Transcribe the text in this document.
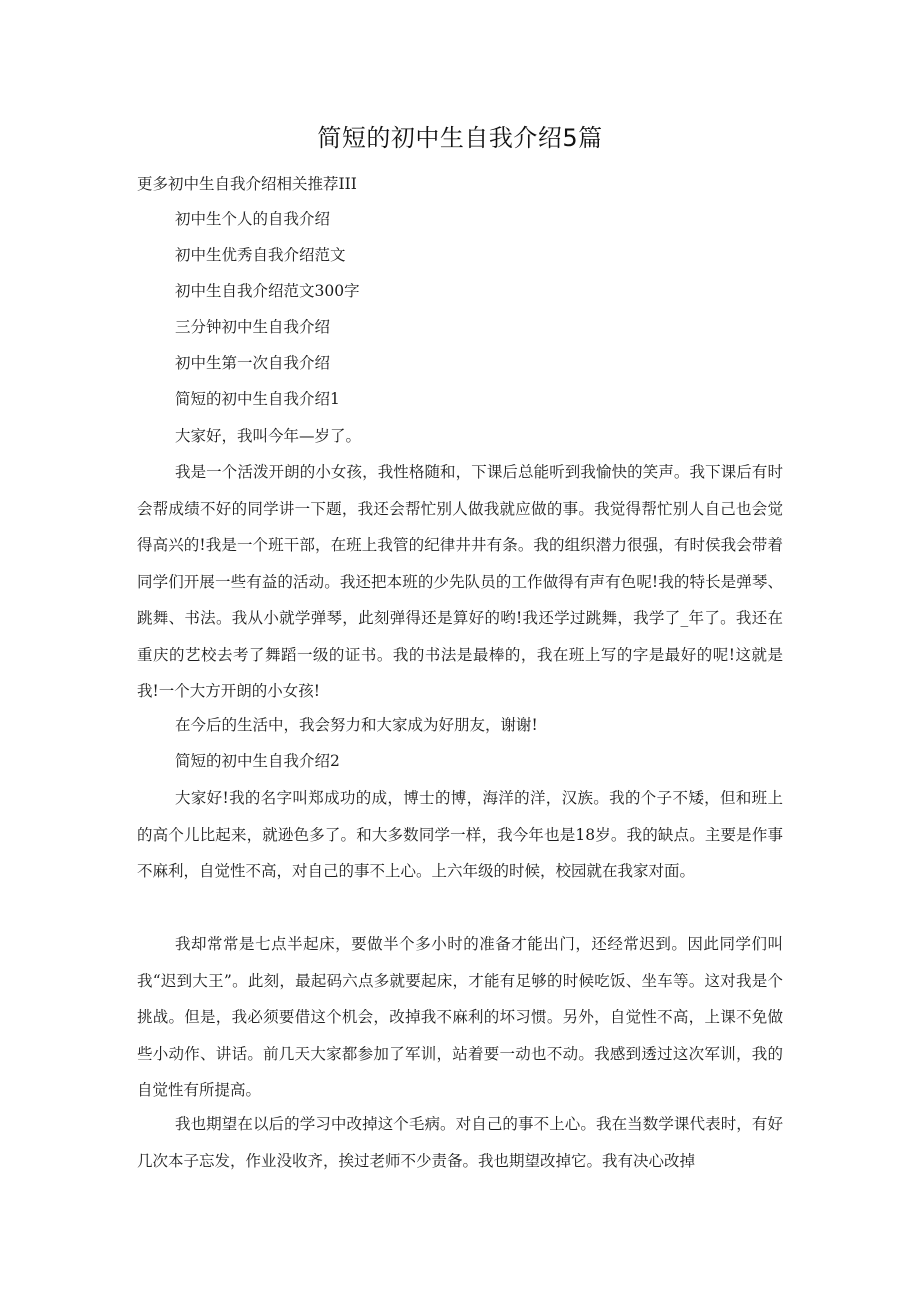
简短的初中生自我介绍5篇
更多初中生自我介绍相关推荐III
初中生个人的自我介绍
初中生优秀自我介绍范文
初中生自我介绍范文300字
三分钟初中生自我介绍
初中生第一次自我介绍
简短的初中生自我介绍1

大家好，我叫今年—岁了。

我是一个活泼开朗的小女孩，我性格随和，下课后总能听到我愉快的笑声。我下课后有时会帮成绩不好的同学讲一下题，我还会帮忙别人做我就应做的事。我觉得帮忙别人自己也会觉得高兴的!我是一个班干部，在班上我管的纪律井井有条。我的组织潜力很强，有时侯我会带着同学们开展一些有益的活动。我还把本班的少先队员的工作做得有声有色呢!我的特长是弹琴、跳舞、书法。我从小就学弹琴，此刻弹得还是算好的哟!我还学过跳舞，我学了_年了。我还在重庆的艺校去考了舞蹈一级的证书。我的书法是最棒的，我在班上写的字是最好的呢!这就是我!一个大方开朗的小女孩!

在今后的生活中，我会努力和大家成为好朋友，谢谢!

简短的初中生自我介绍2

大家好!我的名字叫郑成功的成，博士的博，海洋的洋，汉族。我的个子不矮，但和班上的高个儿比起来，就逊色多了。和大多数同学一样，我今年也是18岁。我的缺点。主要是作事不麻利，自觉性不高，对自己的事不上心。上六年级的时候，校园就在我家对面。

我却常常是七点半起床，要做半个多小时的准备才能出门，还经常迟到。因此同学们叫我“迟到大王”。此刻，最起码六点多就要起床，才能有足够的时候吃饭、坐车等。这对我是个挑战。但是，我必须要借这个机会，改掉我不麻利的坏习惯。另外，自觉性不高，上课不免做些小动作、讲话。前几天大家都参加了军训，站着要一动也不动。我感到透过这次军训，我的自觉性有所提高。

我也期望在以后的学习中改掉这个毛病。对自己的事不上心。我在当数学课代表时，有好几次本子忘发，作业没收齐，挨过老师不少责备。我也期望改掉它。我有决心改掉
